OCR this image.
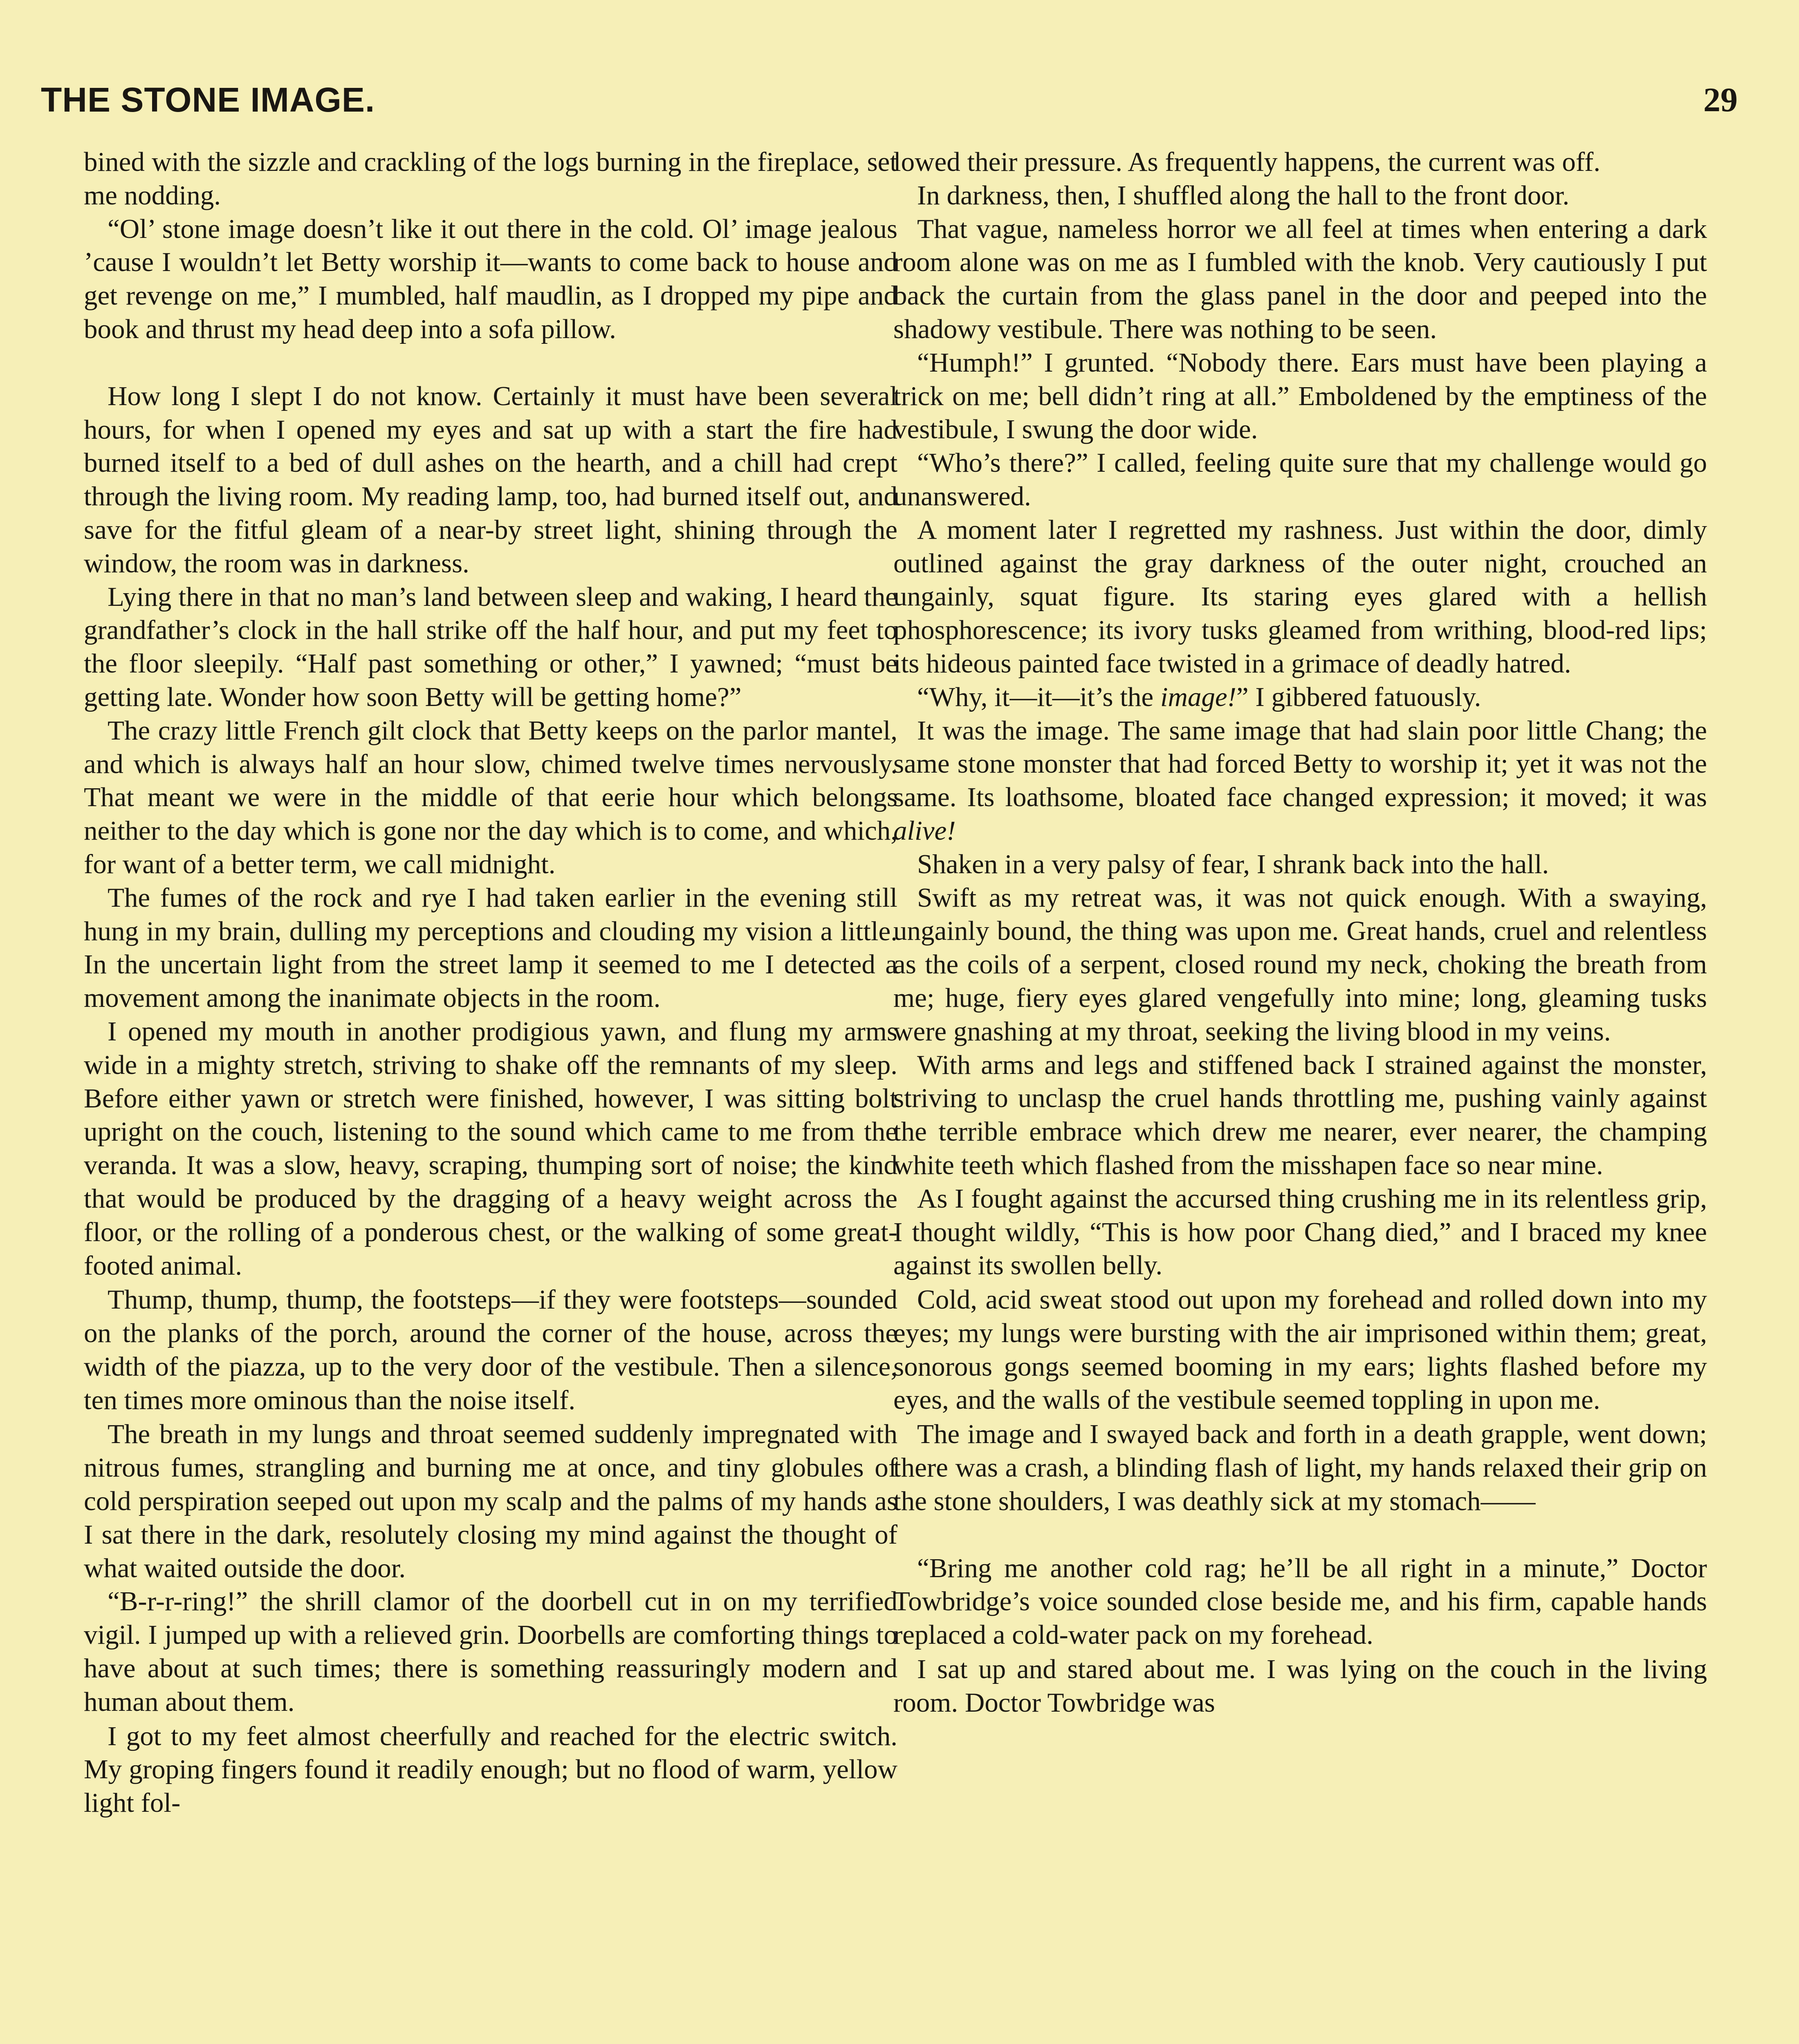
THE STONE IMAGE.	29

bined with the sizzle and crackling of the logs burning in the fireplace, set me nodding.

“Ol’ stone image doesn’t like it out there in the cold. Ol’ image jealous ’cause I wouldn’t let Betty worship it—wants to come back to house and get revenge on me,” I mumbled, half maudlin, as I dropped my pipe and book and thrust my head deep into a sofa pillow.

How long I slept I do not know. Certainly it must have been several hours, for when I opened my eyes and sat up with a start the fire had burned itself to a bed of dull ashes on the hearth, and a chill had crept through the living room. My reading lamp, too, had burned itself out, and save for the fitful gleam of a near-by street light, shining through the window, the room was in darkness.

Lying there in that no man’s land between sleep and waking, I heard the grandfather’s clock in the hall strike off the half hour, and put my feet to the floor sleepily. “Half past something or other,” I yawned; “must be getting late. Wonder how soon Betty will be getting home?”

The crazy little French gilt clock that Betty keeps on the parlor mantel, and which is always half an hour slow, chimed twelve times nervously. That meant we were in the middle of that eerie hour which belongs neither to the day which is gone nor the day which is to come, and which, for want of a better term, we call midnight.

The fumes of the rock and rye I had taken earlier in the evening still hung in my brain, dulling my perceptions and clouding my vision a little. In the uncertain light from the street lamp it seemed to me I detected a movement among the inanimate objects in the room.

I opened my mouth in another prodigious yawn, and flung my arms wide in a mighty stretch, striving to shake off the remnants of my sleep. Before either yawn or stretch were finished, however, I was sitting bolt upright on the couch, listening to the sound which came to me from the veranda. It was a slow, heavy, scraping, thumping sort of noise; the kind that would be produced by the dragging of a heavy weight across the floor, or the rolling of a ponderous chest, or the walking of some great-footed animal.

Thump, thump, thump, the footsteps—if they were footsteps—sounded on the planks of the porch, around the corner of the house, across the width of the piazza, up to the very door of the vestibule. Then a silence, ten times more ominous than the noise itself.

The breath in my lungs and throat seemed suddenly impregnated with nitrous fumes, strangling and burning me at once, and tiny globules of cold perspiration seeped out upon my scalp and the palms of my hands as I sat there in the dark, resolutely closing my mind against the thought of what waited outside the door.

“B-r-r-ring!” the shrill clamor of the doorbell cut in on my terrified vigil. I jumped up with a relieved grin. Doorbells are comforting things to have about at such times; there is something reassuringly modern and human about them.

I got to my feet almost cheerfully and reached for the electric switch. My groping fingers found it readily enough; but no flood of warm, yellow light fol-

lowed their pressure. As frequently happens, the current was off.

In darkness, then, I shuffled along the hall to the front door.

That vague, nameless horror we all feel at times when entering a dark room alone was on me as I fumbled with the knob. Very cautiously I put back the curtain from the glass panel in the door and peeped into the shadowy vestibule. There was nothing to be seen.

“Humph!” I grunted. “Nobody there. Ears must have been playing a trick on me; bell didn’t ring at all.” Emboldened by the emptiness of the vestibule, I swung the door wide.

“Who’s there?” I called, feeling quite sure that my challenge would go unanswered.

A moment later I regretted my rashness. Just within the door, dimly outlined against the gray darkness of the outer night, crouched an ungainly, squat figure. Its staring eyes glared with a hellish phosphorescence; its ivory tusks gleamed from writhing, blood-red lips; its hideous painted face twisted in a grimace of deadly hatred.

“Why, it—it—it’s the image!” I gibbered fatuously.

It was the image. The same image that had slain poor little Chang; the same stone monster that had forced Betty to worship it; yet it was not the same. Its loathsome, bloated face changed expression; it moved; it was alive!

Shaken in a very palsy of fear, I shrank back into the hall.

Swift as my retreat was, it was not quick enough. With a swaying, ungainly bound, the thing was upon me. Great hands, cruel and relentless as the coils of a serpent, closed round my neck, choking the breath from me; huge, fiery eyes glared vengefully into mine; long, gleaming tusks were gnashing at my throat, seeking the living blood in my veins.

With arms and legs and stiffened back I strained against the monster, striving to unclasp the cruel hands throttling me, pushing vainly against the terrible embrace which drew me nearer, ever nearer, the champing white teeth which flashed from the misshapen face so near mine.

As I fought against the accursed thing crushing me in its relentless grip, I thought wildly, “This is how poor Chang died,” and I braced my knee against its swollen belly.

Cold, acid sweat stood out upon my forehead and rolled down into my eyes; my lungs were bursting with the air imprisoned within them; great, sonorous gongs seemed booming in my ears; lights flashed before my eyes, and the walls of the vestibule seemed toppling in upon me.

The image and I swayed back and forth in a death grapple, went down; there was a crash, a blinding flash of light, my hands relaxed their grip on the stone shoulders, I was deathly sick at my stomach——

“Bring me another cold rag; he’ll be all right in a minute,” Doctor Towbridge’s voice sounded close beside me, and his firm, capable hands replaced a cold-water pack on my forehead.

I sat up and stared about me. I was lying on the couch in the living room. Doctor Towbridge was
